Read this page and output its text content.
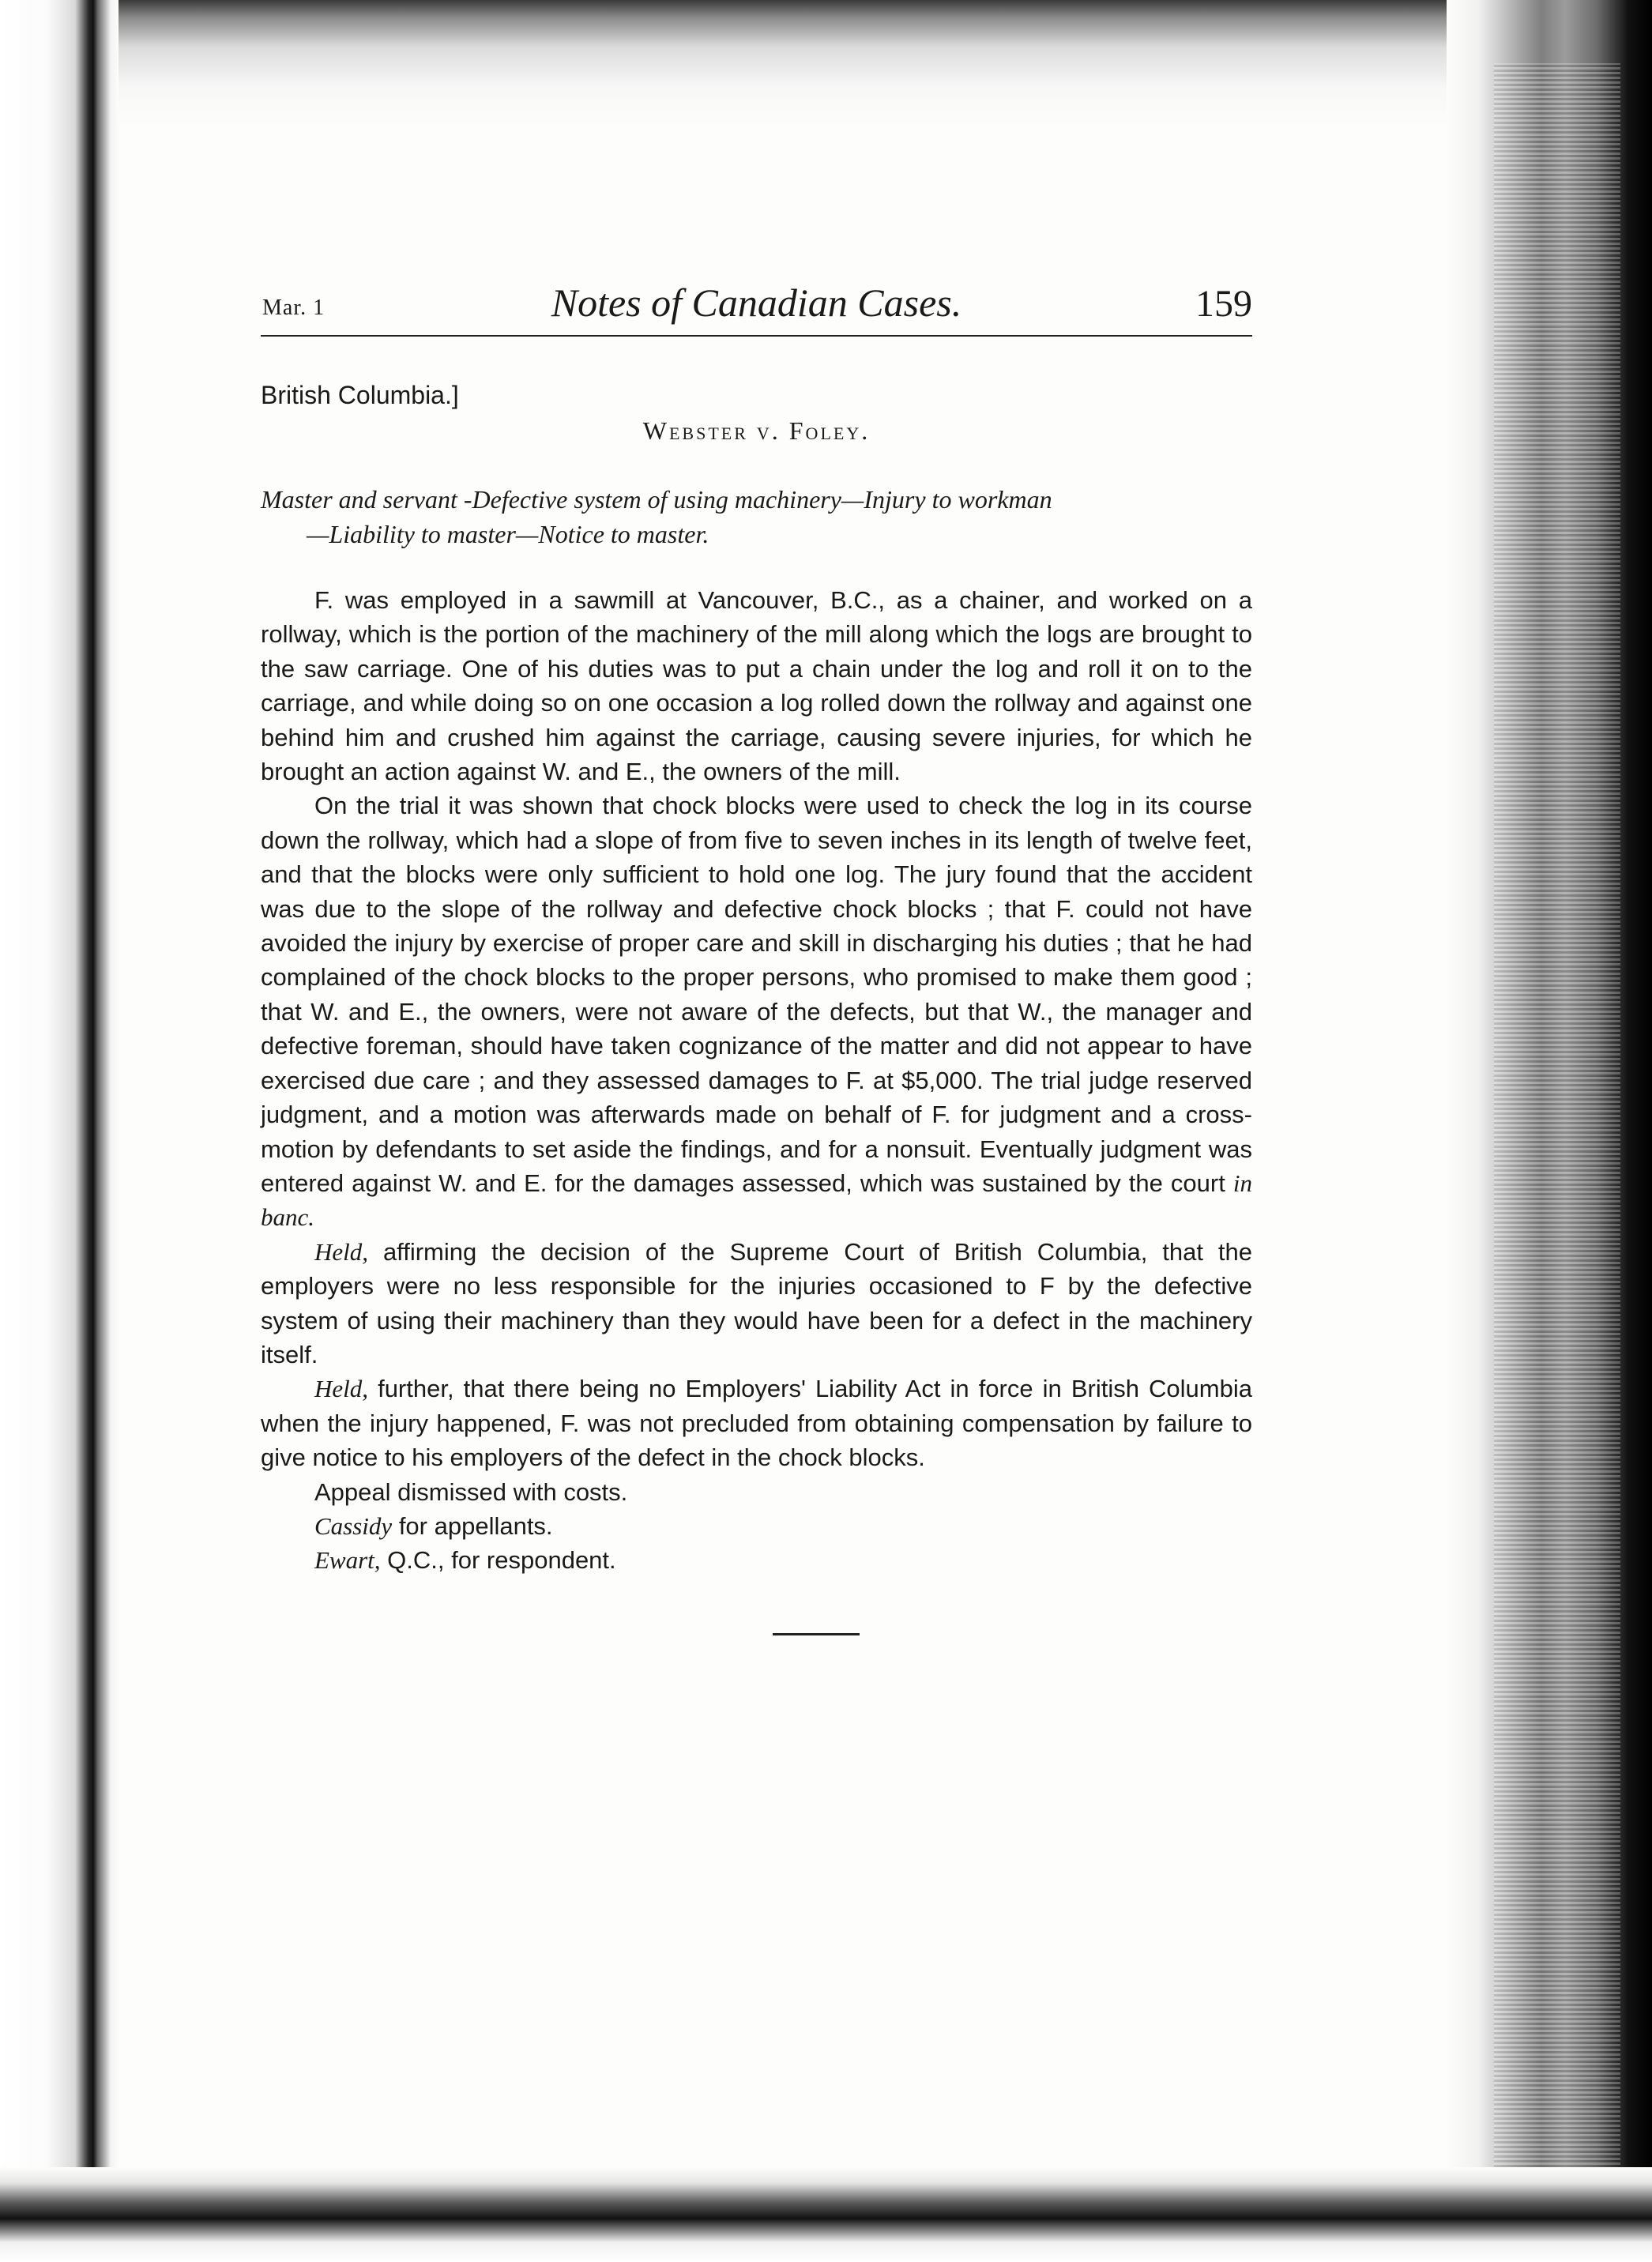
Mar. 1	Notes of Canadian Cases.	159
British Columbia.]
Webster v. Foley.
Master and servant -Defective system of using machinery—Injury to workman
—Liability to master—Notice to master.

F. was employed in a sawmill at Vancouver, B.C., as a chainer, and worked on a rollway, which is the portion of the machinery of the mill along which the logs are brought to the saw carriage. One of his duties was to put a chain under the log and roll it on to the carriage, and while doing so on one occasion a log rolled down the rollway and against one behind him and crushed him against the carriage, causing severe injuries, for which he brought an action against W. and E., the owners of the mill.

On the trial it was shown that chock blocks were used to check the log in its course down the rollway, which had a slope of from five to seven inches in its length of twelve feet, and that the blocks were only sufficient to hold one log. The jury found that the accident was due to the slope of the rollway and defective chock blocks ; that F. could not have avoided the injury by exercise of proper care and skill in discharging his duties ; that he had complained of the chock blocks to the proper persons, who promised to make them good ; that W. and E., the owners, were not aware of the defects, but that W., the manager and defective foreman, should have taken cognizance of the matter and did not appear to have exercised due care ; and they assessed damages to F. at $5,000. The trial judge reserved judgment, and a motion was afterwards made on behalf of F. for judgment and a cross-motion by defendants to set aside the findings, and for a nonsuit. Eventually judgment was entered against W. and E. for the damages assessed, which was sustained by the court in banc.

Held, affirming the decision of the Supreme Court of British Columbia, that the employers were no less responsible for the injuries occasioned to F by the defective system of using their machinery than they would have been for a defect in the machinery itself.

Held, further, that there being no Employers' Liability Act in force in British Columbia when the injury happened, F. was not precluded from obtaining compensation by failure to give notice to his employers of the defect in the chock blocks.

Appeal dismissed with costs.

Cassidy for appellants.

Ewart, Q.C., for respondent.
